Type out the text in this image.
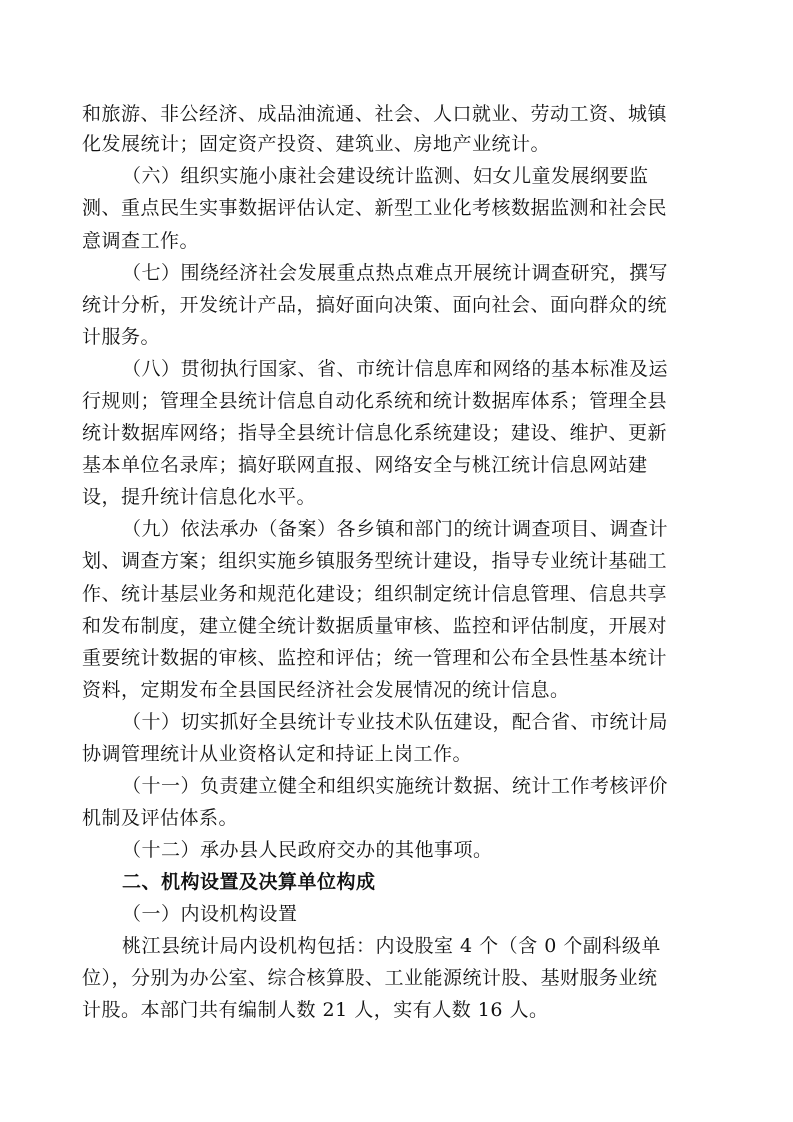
和旅游、非公经济、成品油流通、社会、人口就业、劳动工资、城镇
化发展统计；固定资产投资、建筑业、房地产业统计。
（六）组织实施小康社会建设统计监测、妇女儿童发展纲要监
测、重点民生实事数据评估认定、新型工业化考核数据监测和社会民
意调查工作。
（七）围绕经济社会发展重点热点难点开展统计调查研究，撰写
统计分析，开发统计产品，搞好面向决策、面向社会、面向群众的统
计服务。
（八）贯彻执行国家、省、市统计信息库和网络的基本标准及运
行规则；管理全县统计信息自动化系统和统计数据库体系；管理全县
统计数据库网络；指导全县统计信息化系统建设；建设、维护、更新
基本单位名录库；搞好联网直报、网络安全与桃江统计信息网站建
设，提升统计信息化水平。
（九）依法承办（备案）各乡镇和部门的统计调查项目、调查计
划、调查方案；组织实施乡镇服务型统计建设，指导专业统计基础工
作、统计基层业务和规范化建设；组织制定统计信息管理、信息共享
和发布制度，建立健全统计数据质量审核、监控和评估制度，开展对
重要统计数据的审核、监控和评估；统一管理和公布全县性基本统计
资料，定期发布全县国民经济社会发展情况的统计信息。
（十）切实抓好全县统计专业技术队伍建设，配合省、市统计局
协调管理统计从业资格认定和持证上岗工作。
（十一）负责建立健全和组织实施统计数据、统计工作考核评价
机制及评估体系。
（十二）承办县人民政府交办的其他事项。
二、机构设置及决算单位构成
（一）内设机构设置
桃江县统计局内设机构包括：内设股室 4 个（含 0 个副科级单
位），分别为办公室、综合核算股、工业能源统计股、基财服务业统
计股。本部门共有编制人数 21 人，实有人数 16 人。
